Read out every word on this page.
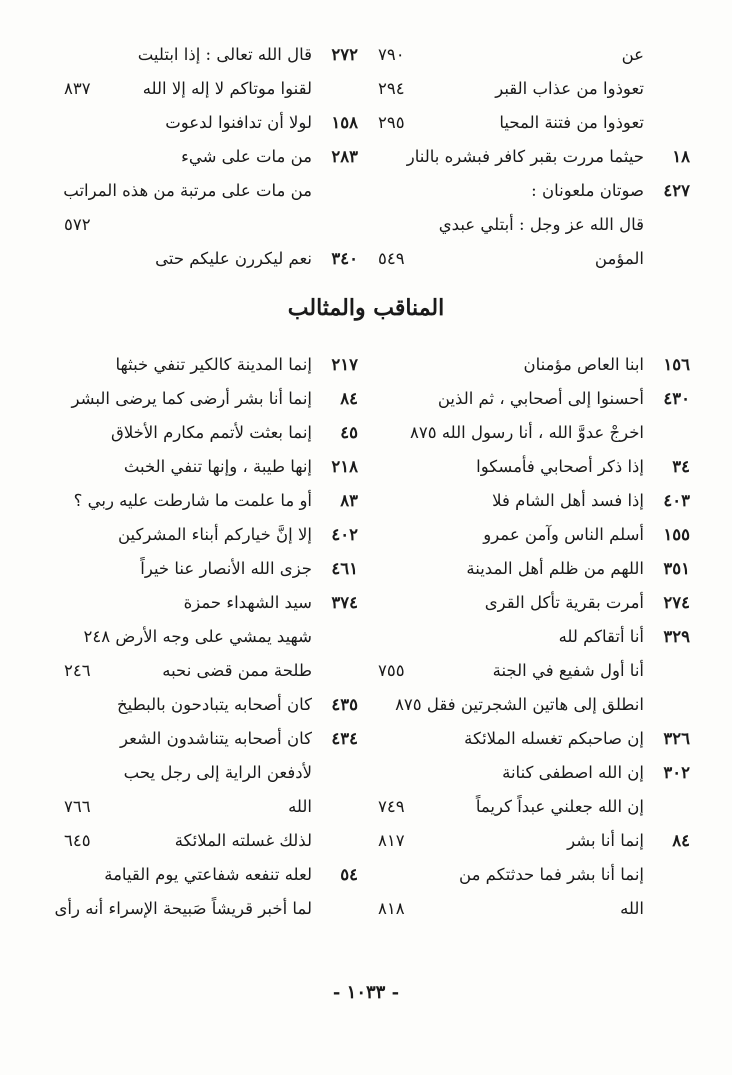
عن
٧٩٠
تعوذوا من عذاب القبر
٢٩٤
تعوذوا من فتنة المحيا
٢٩٥
١٨
حيثما مررت بقبر كافر فبشره بالنار
٤٢٧
صوتان ملعونان :
قال الله عز وجل : أبتلي عبدي
المؤمن
٥٤٩
٢٧٢
قال الله تعالى : إذا ابتليت
لقنوا موتاكم لا إله إلا الله
٨٣٧
١٥٨
لولا أن تدافنوا لدعوت
٢٨٣
من مات على شيء
من مات على مرتبة من هذه المراتب
٥٧٢
٣٤٠
نعم ليكررن عليكم حتى
المناقب والمثالب
١٥٦
ابنا العاص مؤمنان
٤٣٠
أحسنوا إلى أصحابي ، ثم الذين
اخرجْ عدوَّ الله ، أنا رسول الله ٨٧٥
٣٤
إذا ذكر أصحابي فأمسكوا
٤٠٣
إذا فسد أهل الشام فلا
١٥٥
أسلم الناس وآمن عمرو
٣٥١
اللهم من ظلم أهل المدينة
٢٧٤
أمرت بقرية تأكل القرى
٣٢٩
أنا أتقاكم لله
أنا أول شفيع في الجنة
٧٥٥
انطلق إلى هاتين الشجرتين فقل ٨٧٥
٣٢٦
إن صاحبكم تغسله الملائكة
٣٠٢
إن الله اصطفى كنانة
إن الله جعلني عبداً كريماً
٧٤٩
٨٤
إنما أنا بشر
٨١٧
إنما أنا بشر فما حدثتكم من
الله
٨١٨
٢١٧
إنما المدينة كالكير تنفي خبثها
٨٤
إنما أنا بشر أرضى كما يرضى البشر
٤٥
إنما بعثت لأتمم مكارم الأخلاق
٢١٨
إنها طيبة ، وإنها تنفي الخبث
٨٣
أو ما علمت ما شارطت عليه ربي ؟
٤٠٢
إلا إنَّ خياركم أبناء المشركين
٤٦١
جزى الله الأنصار عنا خيراً
٣٧٤
سيد الشهداء حمزة
شهيد يمشي على وجه الأرض ٢٤٨
طلحة ممن قضى نحبه
٢٤٦
٤٣٥
كان أصحابه يتبادحون بالبطيخ
٤٣٤
كان أصحابه يتناشدون الشعر
لأدفعن الراية إلى رجل يحب
الله
٧٦٦
لذلك غسلته الملائكة
٦٤٥
٥٤
لعله تنفعه شفاعتي يوم القيامة
لما أخبر قريشاً صَبيحة الإسراء أنه رأى
- ١٠٣٣ -
